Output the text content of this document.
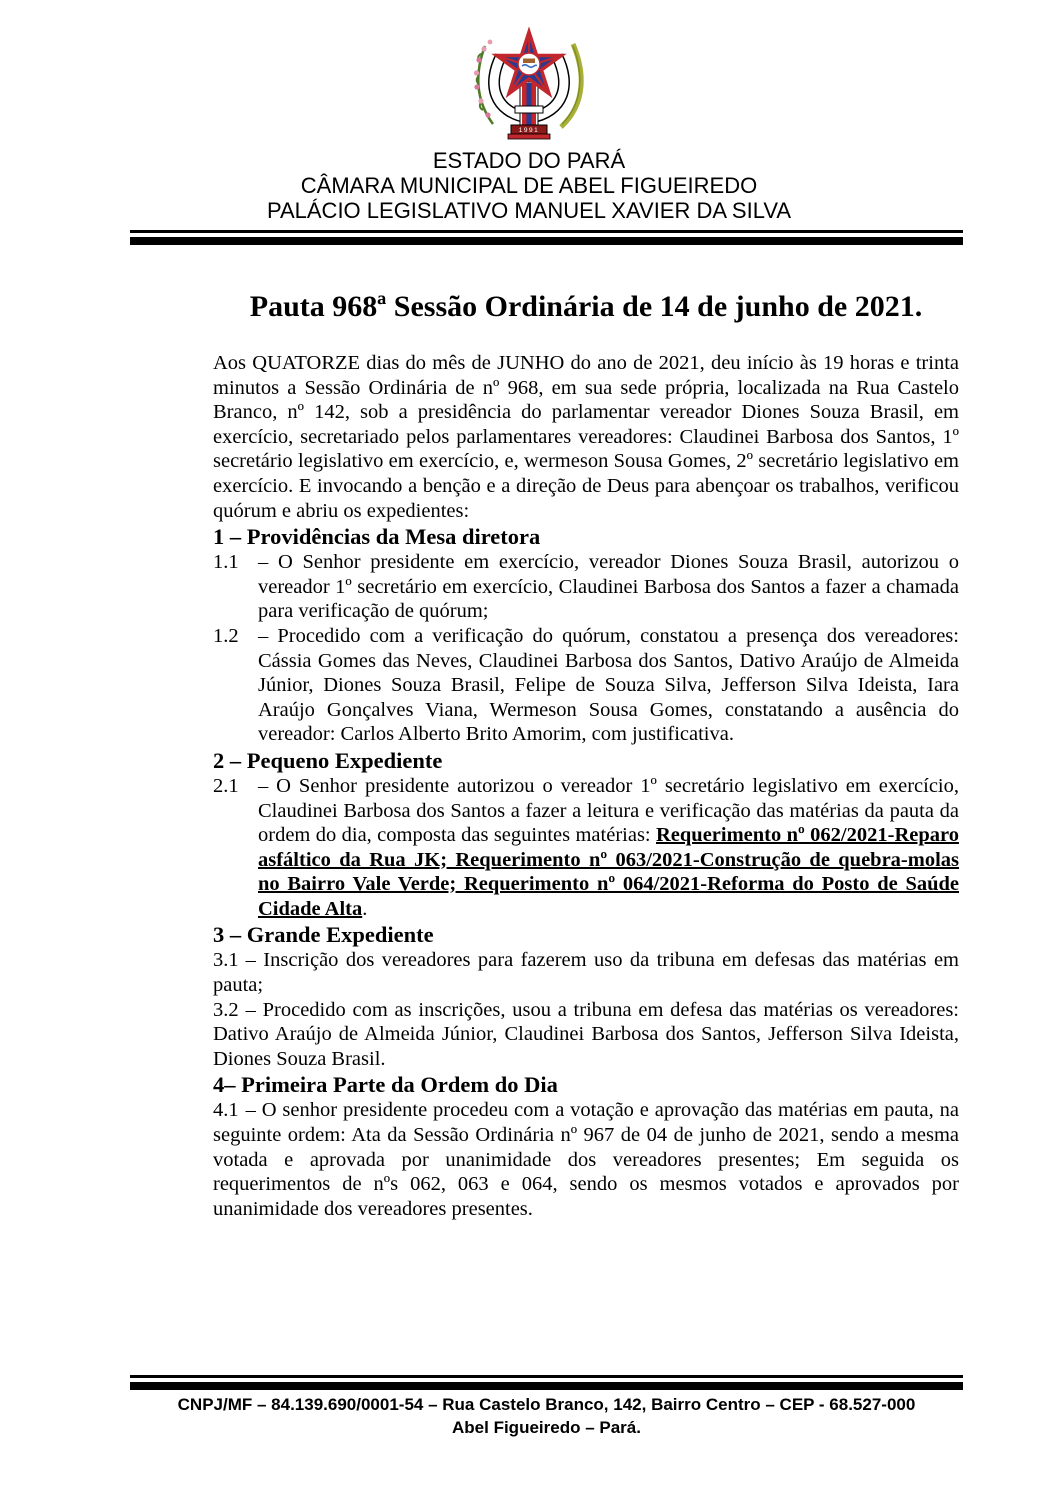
1991
ESTADO DO PARÁ
CÂMARA MUNICIPAL DE ABEL FIGUEIREDO
PALÁCIO LEGISLATIVO MANUEL XAVIER DA SILVA
Pauta 968ª Sessão Ordinária de 14 de junho de 2021.

Aos QUATORZE dias do mês de JUNHO do ano de 2021, deu início às 19 horas e trinta minutos a Sessão Ordinária de nº 968, em sua sede própria, localizada na Rua Castelo Branco, nº 142, sob a presidência do parlamentar vereador Diones Souza Brasil, em exercício, secretariado pelos parlamentares vereadores: Claudinei Barbosa dos Santos, 1º secretário legislativo em exercício, e, wermeson Sousa Gomes, 2º secretário legislativo em exercício. E invocando a benção e a direção de Deus para abençoar os trabalhos, verificou quórum e abriu os expedientes:

1 – Providências da Mesa diretora
1.1 – O Senhor presidente em exercício, vereador Diones Souza Brasil, autorizou o vereador 1º secretário em exercício, Claudinei Barbosa dos Santos a fazer a chamada para verificação de quórum;
1.2 – Procedido com a verificação do quórum, constatou a presença dos vereadores: Cássia Gomes das Neves, Claudinei Barbosa dos Santos, Dativo Araújo de Almeida Júnior, Diones Souza Brasil, Felipe de Souza Silva, Jefferson Silva Ideista, Iara Araújo Gonçalves Viana, Wermeson Sousa Gomes, constatando a ausência do vereador: Carlos Alberto Brito Amorim, com justificativa.
2 – Pequeno Expediente
2.1 – O Senhor presidente autorizou o vereador 1º secretário legislativo em exercício, Claudinei Barbosa dos Santos a fazer a leitura e verificação das matérias da pauta da ordem do dia, composta das seguintes matérias: Requerimento nº 062/2021-Reparo asfáltico da Rua JK; Requerimento nº 063/2021-Construção de quebra-molas no Bairro Vale Verde; Requerimento nº 064/2021-Reforma do Posto de Saúde Cidade Alta.
3 – Grande Expediente

3.1 – Inscrição dos vereadores para fazerem uso da tribuna em defesas das matérias em pauta;

3.2 – Procedido com as inscrições, usou a tribuna em defesa das matérias os vereadores: Dativo Araújo de Almeida Júnior, Claudinei Barbosa dos Santos, Jefferson Silva Ideista, Diones Souza Brasil.

4– Primeira Parte da Ordem do Dia

4.1 – O senhor presidente procedeu com a votação e aprovação das matérias em pauta, na seguinte ordem: Ata da Sessão Ordinária nº 967 de 04 de junho de 2021, sendo a mesma votada e aprovada por unanimidade dos vereadores presentes; Em seguida os requerimentos de nºs 062, 063 e 064, sendo os mesmos votados e aprovados por unanimidade dos vereadores presentes.

CNPJ/MF – 84.139.690/0001-54 – Rua Castelo Branco, 142, Bairro Centro – CEP - 68.527-000
Abel Figueiredo – Pará.
